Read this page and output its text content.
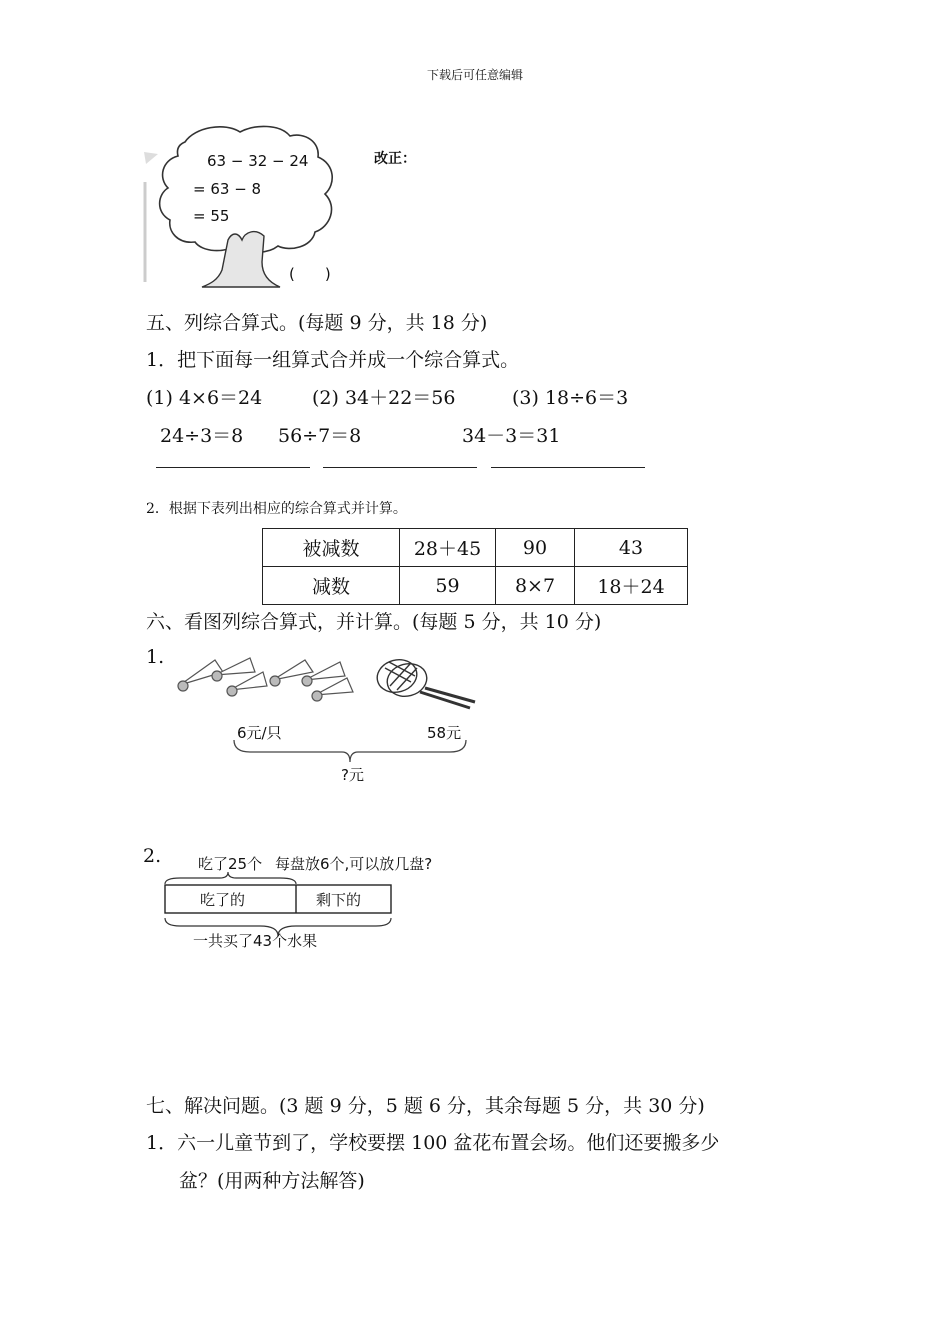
下载后可任意编辑
63 − 32 − 24
= 63 − 8
= 55
(　　)
改正：
五、列综合算式。(每题 9 分，共 18 分)
1．把下面每一组算式合并成一个综合算式。
(1) 4×6＝24
24÷3＝8
(2) 34＋22＝56
56÷7＝8
(3) 18÷6＝3
34－3＝31
2．根据下表列出相应的综合算式并计算。
被减数	28＋45	90	43
减数	59	8×7	18＋24
六、看图列综合算式，并计算。(每题 5 分，共 10 分)
1.
6元/只	58元
?元
2. 吃了25个 每盘放6个,可以放几盘?
吃了的	剩下的
一共买了43个水果
七、解决问题。(3 题 9 分，5 题 6 分，其余每题 5 分，共 30 分)
1．六一儿童节到了，学校要摆 100 盆花布置会场。他们还要搬多少
盆？(用两种方法解答)
